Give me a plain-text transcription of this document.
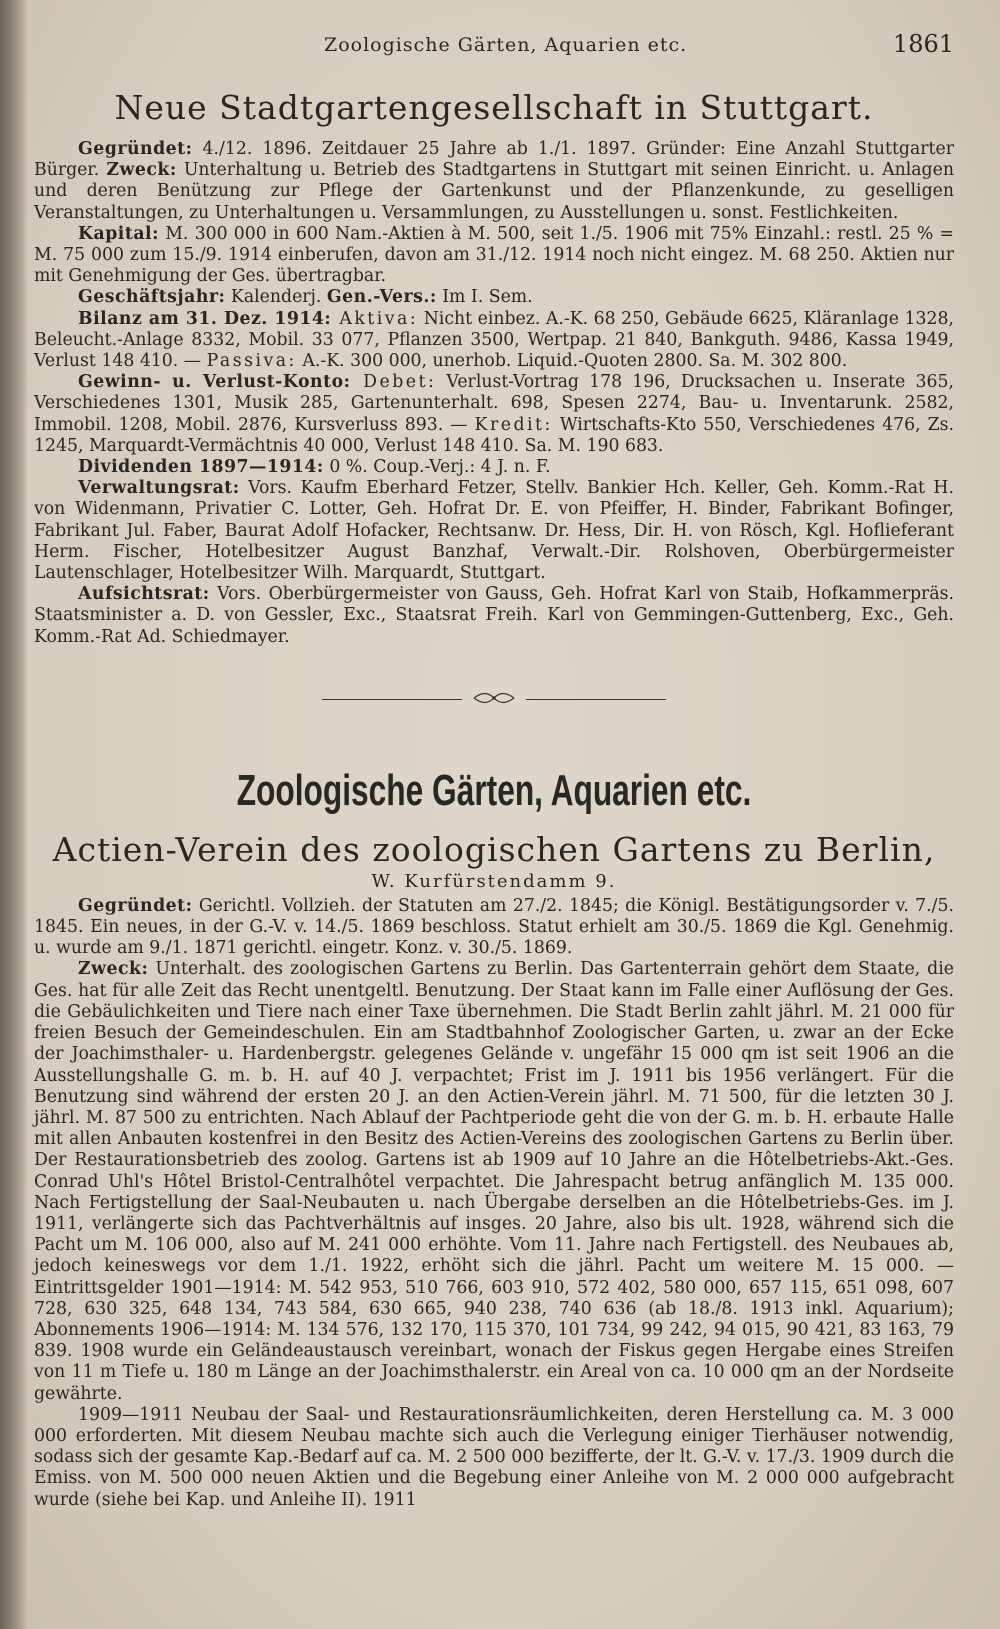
Zoologische Gärten, Aquarien etc.	1861
Neue Stadtgartengesellschaft in Stuttgart.

Gegründet: 4./12. 1896. Zeitdauer 25 Jahre ab 1./1. 1897. Gründer: Eine Anzahl Stuttgarter Bürger. Zweck: Unterhaltung u. Betrieb des Stadtgartens in Stuttgart mit seinen Einricht. u. Anlagen und deren Benützung zur Pflege der Gartenkunst und der Pflanzenkunde, zu geselligen Veranstaltungen, zu Unterhaltungen u. Versammlungen, zu Ausstellungen u. sonst. Festlichkeiten.

Kapital: M. 300 000 in 600 Nam.-Aktien à M. 500, seit 1./5. 1906 mit 75% Einzahl.: restl. 25 % = M. 75 000 zum 15./9. 1914 einberufen, davon am 31./12. 1914 noch nicht eingez. M. 68 250. Aktien nur mit Genehmigung der Ges. übertragbar.

Geschäftsjahr: Kalenderj. Gen.-Vers.: Im I. Sem.

Bilanz am 31. Dez. 1914: Aktiva: Nicht einbez. A.-K. 68 250, Gebäude 6625, Kläranlage 1328, Beleucht.-Anlage 8332, Mobil. 33 077, Pflanzen 3500, Wertpap. 21 840, Bankguth. 9486, Kassa 1949, Verlust 148 410. — Passiva: A.-K. 300 000, unerhob. Liquid.-Quoten 2800. Sa. M. 302 800.

Gewinn- u. Verlust-Konto: Debet: Verlust-Vortrag 178 196, Drucksachen u. Inserate 365, Verschiedenes 1301, Musik 285, Gartenunterhalt. 698, Spesen 2274, Bau- u. Inventarunk. 2582, Immobil. 1208, Mobil. 2876, Kursverluss 893. — Kredit: Wirtschafts-Kto 550, Verschiedenes 476, Zs. 1245, Marquardt-Vermächtnis 40 000, Verlust 148 410. Sa. M. 190 683.

Dividenden 1897—1914: 0 %. Coup.-Verj.: 4 J. n. F.

Verwaltungsrat: Vors. Kaufm Eberhard Fetzer, Stellv. Bankier Hch. Keller, Geh. Komm.-Rat H. von Widenmann, Privatier C. Lotter, Geh. Hofrat Dr. E. von Pfeiffer, H. Binder, Fabrikant Bofinger, Fabrikant Jul. Faber, Baurat Adolf Hofacker, Rechtsanw. Dr. Hess, Dir. H. von Rösch, Kgl. Hoflieferant Herm. Fischer, Hotelbesitzer August Banzhaf, Verwalt.-Dir. Rolshoven, Oberbürgermeister Lautenschlager, Hotelbesitzer Wilh. Marquardt, Stuttgart.

Aufsichtsrat: Vors. Oberbürgermeister von Gauss, Geh. Hofrat Karl von Staib, Hofkammerpräs. Staatsminister a. D. von Gessler, Exc., Staatsrat Freih. Karl von Gemmingen-Guttenberg, Exc., Geh. Komm.-Rat Ad. Schiedmayer.

Zoologische Gärten, Aquarien etc.
Actien-Verein des zoologischen Gartens zu Berlin,
W. Kurfürstendamm 9.

Gegründet: Gerichtl. Vollzieh. der Statuten am 27./2. 1845; die Königl. Bestätigungsorder v. 7./5. 1845. Ein neues, in der G.-V. v. 14./5. 1869 beschloss. Statut erhielt am 30./5. 1869 die Kgl. Genehmig. u. wurde am 9./1. 1871 gerichtl. eingetr. Konz. v. 30./5. 1869.

Zweck: Unterhalt. des zoologischen Gartens zu Berlin. Das Gartenterrain gehört dem Staate, die Ges. hat für alle Zeit das Recht unentgeltl. Benutzung. Der Staat kann im Falle einer Auflösung der Ges. die Gebäulichkeiten und Tiere nach einer Taxe übernehmen. Die Stadt Berlin zahlt jährl. M. 21 000 für freien Besuch der Gemeindeschulen. Ein am Stadtbahnhof Zoologischer Garten, u. zwar an der Ecke der Joachimsthaler- u. Hardenbergstr. gelegenes Gelände v. ungefähr 15 000 qm ist seit 1906 an die Ausstellungshalle G. m. b. H. auf 40 J. verpachtet; Frist im J. 1911 bis 1956 verlängert. Für die Benutzung sind während der ersten 20 J. an den Actien-Verein jährl. M. 71 500, für die letzten 30 J. jährl. M. 87 500 zu entrichten. Nach Ablauf der Pachtperiode geht die von der G. m. b. H. erbaute Halle mit allen Anbauten kostenfrei in den Besitz des Actien-Vereins des zoologischen Gartens zu Berlin über. Der Restaurationsbetrieb des zoolog. Gartens ist ab 1909 auf 10 Jahre an die Hôtelbetriebs-Akt.-Ges. Conrad Uhl's Hôtel Bristol-Centralhôtel verpachtet. Die Jahrespacht betrug anfänglich M. 135 000. Nach Fertigstellung der Saal-Neubauten u. nach Übergabe derselben an die Hôtelbetriebs-Ges. im J. 1911, verlängerte sich das Pachtverhältnis auf insges. 20 Jahre, also bis ult. 1928, während sich die Pacht um M. 106 000, also auf M. 241 000 erhöhte. Vom 11. Jahre nach Fertigstell. des Neubaues ab, jedoch keineswegs vor dem 1./1. 1922, erhöht sich die jährl. Pacht um weitere M. 15 000. — Eintrittsgelder 1901—1914: M. 542 953, 510 766, 603 910, 572 402, 580 000, 657 115, 651 098, 607 728, 630 325, 648 134, 743 584, 630 665, 940 238, 740 636 (ab 18./8. 1913 inkl. Aquarium); Abonnements 1906—1914: M. 134 576, 132 170, 115 370, 101 734, 99 242, 94 015, 90 421, 83 163, 79 839. 1908 wurde ein Geländeaustausch vereinbart, wonach der Fiskus gegen Hergabe eines Streifen von 11 m Tiefe u. 180 m Länge an der Joachimsthalerstr. ein Areal von ca. 10 000 qm an der Nordseite gewährte.

1909—1911 Neubau der Saal- und Restaurationsräumlichkeiten, deren Herstellung ca. M. 3 000 000 erforderten. Mit diesem Neubau machte sich auch die Verlegung einiger Tierhäuser notwendig, sodass sich der gesamte Kap.-Bedarf auf ca. M. 2 500 000 bezifferte, der lt. G.-V. v. 17./3. 1909 durch die Emiss. von M. 500 000 neuen Aktien und die Begebung einer Anleihe von M. 2 000 000 aufgebracht wurde (siehe bei Kap. und Anleihe II). 1911
